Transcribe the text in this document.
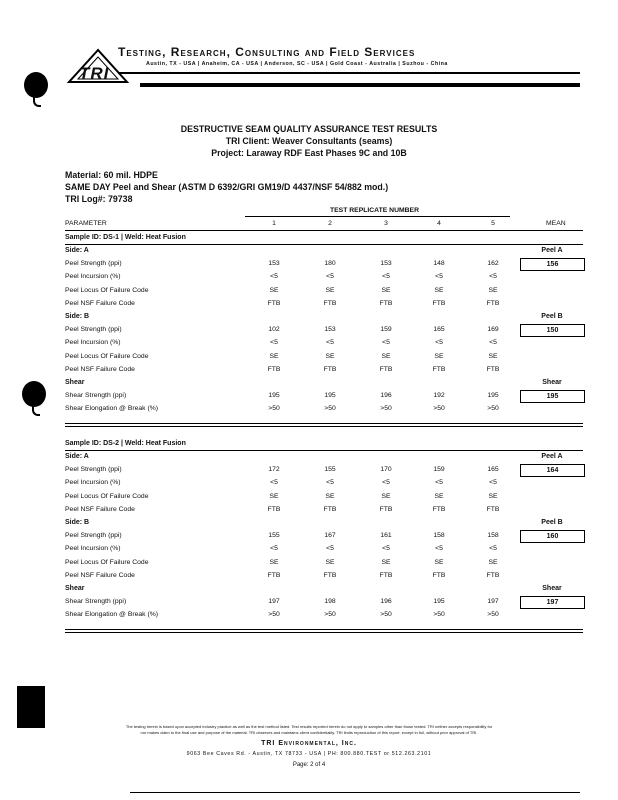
TRI
Testing, Research, Consulting and Field Services
Austin, TX - USA | Anaheim, CA - USA | Anderson, SC - USA | Gold Coast - Australia | Suzhou - China
DESTRUCTIVE SEAM QUALITY ASSURANCE TEST RESULTS
TRI Client: Weaver Consultants (seams)
Project: Laraway RDF East Phases 9C and 10B
Material: 60 mil. HDPE
SAME DAY Peel and Shear (ASTM D 6392/GRI GM19/D 4437/NSF 54/882 mod.)
TRI Log#: 79738
TEST REPLICATE NUMBER
PARAMETER	1	2	3	4	5	MEAN
Sample ID: DS-1 | Weld: Heat Fusion
Side: A	Peel A
Peel Strength (ppi)	153	180	153	148	162	156
Peel Incursion (%)	<5	<5	<5	<5	<5
Peel Locus Of Failure Code	SE	SE	SE	SE	SE
Peel NSF Failure Code	FTB	FTB	FTB	FTB	FTB
Side: B	Peel B
Peel Strength (ppi)	102	153	159	165	169	150
Peel Incursion (%)	<5	<5	<5	<5	<5
Peel Locus Of Failure Code	SE	SE	SE	SE	SE
Peel NSF Failure Code	FTB	FTB	FTB	FTB	FTB
Shear	Shear
Shear Strength (ppi)	195	195	196	192	195	195
Shear Elongation @ Break (%)	>50	>50	>50	>50	>50
Sample ID: DS-2 | Weld: Heat Fusion
Side: A	Peel A
Peel Strength (ppi)	172	155	170	159	165	164
Peel Incursion (%)	<5	<5	<5	<5	<5
Peel Locus Of Failure Code	SE	SE	SE	SE	SE
Peel NSF Failure Code	FTB	FTB	FTB	FTB	FTB
Side: B	Peel B
Peel Strength (ppi)	155	167	161	158	158	160
Peel Incursion (%)	<5	<5	<5	<5	<5
Peel Locus Of Failure Code	SE	SE	SE	SE	SE
Peel NSF Failure Code	FTB	FTB	FTB	FTB	FTB
Shear	Shear
Shear Strength (ppi)	197	198	196	195	197	197
Shear Elongation @ Break (%)	>50	>50	>50	>50	>50
The testing herein is based upon accepted industry practice as well as the test method listed. Test results reported herein do not apply to samples other than those tested. TRI neither accepts responsibility for
nor makes claim to the final use and purpose of the material. TRI observes and maintains client confidentiality. TRI limits reproduction of this report, except in full, without prior approval of TRI.
TRI Environmental, Inc.
9063 Bee Caves Rd. - Austin, TX 78733 - USA | PH: 800.880.TEST or 512.263.2101
Page: 2 of 4
